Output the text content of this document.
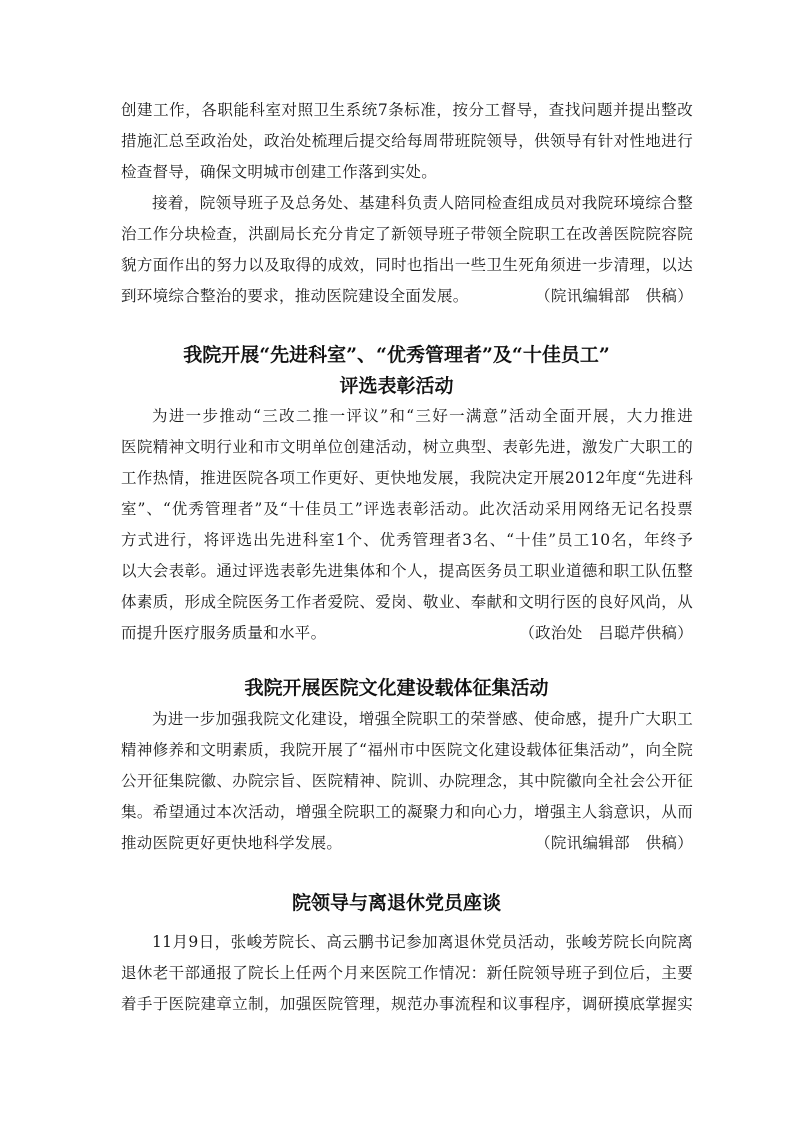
创建工作，各职能科室对照卫生系统7条标准，按分工督导，查找问题并提出整改
措施汇总至政治处，政治处梳理后提交给每周带班院领导，供领导有针对性地进行
检查督导，确保文明城市创建工作落到实处。
接着，院领导班子及总务处、基建科负责人陪同检查组成员对我院环境综合整
治工作分块检查，洪副局长充分肯定了新领导班子带领全院职工在改善医院院容院
貌方面作出的努力以及取得的成效，同时也指出一些卫生死角须进一步清理，以达
到环境综合整治的要求，推动医院建设全面发展。	（院讯编辑部   供稿）
我院开展“先进科室”、“优秀管理者”及“十佳员工”
评选表彰活动
为进一步推动“三改二推一评议”和“三好一满意”活动全面开展，大力推进
医院精神文明行业和市文明单位创建活动，树立典型、表彰先进，激发广大职工的
工作热情，推进医院各项工作更好、更快地发展，我院决定开展2012年度“先进科
室”、“优秀管理者”及“十佳员工”评选表彰活动。此次活动采用网络无记名投票
方式进行，将评选出先进科室1个、优秀管理者3名、“十佳”员工10名，年终予
以大会表彰。通过评选表彰先进集体和个人，提高医务员工职业道德和职工队伍整
体素质，形成全院医务工作者爱院、爱岗、敬业、奉献和文明行医的良好风尚，从
而提升医疗服务质量和水平。	（政治处   吕聪芹供稿）
我院开展医院文化建设载体征集活动
为进一步加强我院文化建设，增强全院职工的荣誉感、使命感，提升广大职工
精神修养和文明素质，我院开展了“福州市中医院文化建设载体征集活动”，向全院
公开征集院徽、办院宗旨、医院精神、院训、办院理念，其中院徽向全社会公开征
集。希望通过本次活动，增强全院职工的凝聚力和向心力，增强主人翁意识，从而
推动医院更好更快地科学发展。	（院讯编辑部   供稿）
院领导与离退休党员座谈
11月9日，张峻芳院长、高云鹏书记参加离退休党员活动，张峻芳院长向院离
退休老干部通报了院长上任两个月来医院工作情况：新任院领导班子到位后，主要
着手于医院建章立制，加强医院管理，规范办事流程和议事程序，调研摸底掌握实
